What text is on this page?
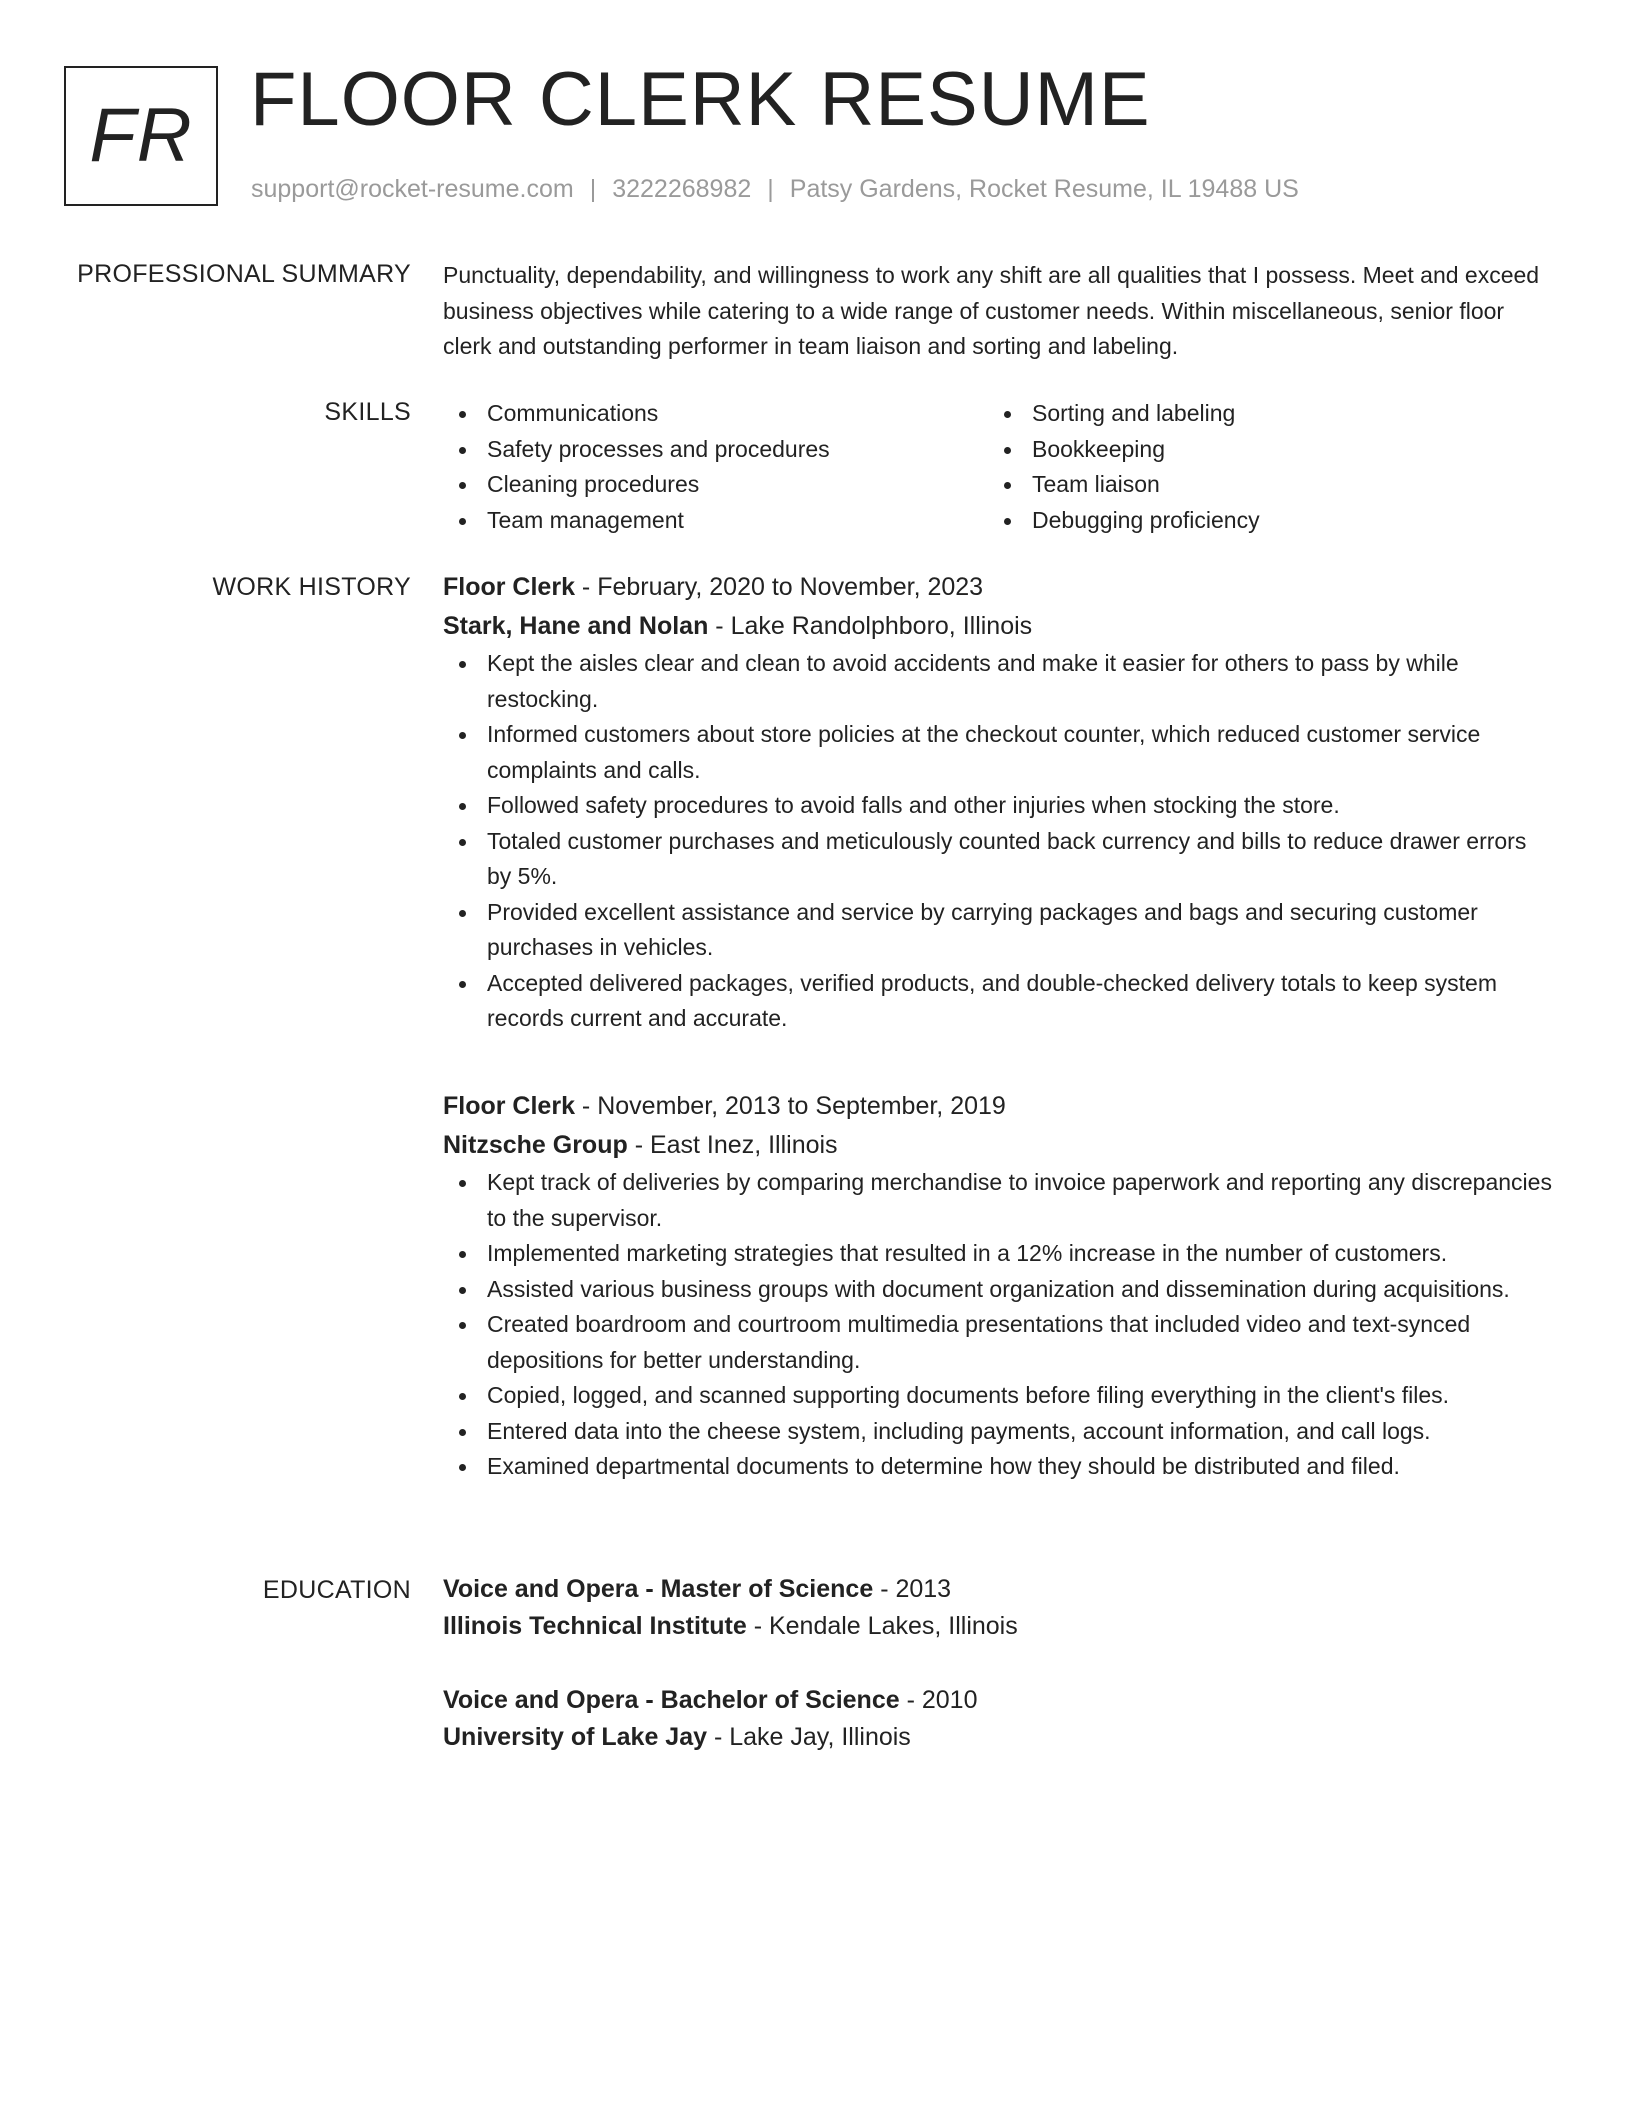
FR FLOOR CLERK RESUME
support@rocket-resume.com | 3222268982 | Patsy Gardens, Rocket Resume, IL 19488 US
PROFESSIONAL SUMMARY Punctuality, dependability, and willingness to work any shift are all qualities that I possess. Meet and exceed business objectives while catering to a wide range of customer needs. Within miscellaneous, senior floor clerk and outstanding performer in team liaison and sorting and labeling.

SKILLS	Communications
Safety processes and procedures
Cleaning procedures
Team management
Sorting and labeling
Bookkeeping
Team liaison
Debugging proficiency
WORK HISTORY Floor Clerk - February, 2020 to November, 2023
Stark, Hane and Nolan - Lake Randolphboro, Illinois
Kept the aisles clear and clean to avoid accidents and make it easier for others to pass by while restocking.
Informed customers about store policies at the checkout counter, which reduced customer service complaints and calls.
Followed safety procedures to avoid falls and other injuries when stocking the store.
Totaled customer purchases and meticulously counted back currency and bills to reduce drawer errors by 5%.
Provided excellent assistance and service by carrying packages and bags and securing customer purchases in vehicles.
Accepted delivered packages, verified products, and double-checked delivery totals to keep system records current and accurate.
Floor Clerk - November, 2013 to September, 2019
Nitzsche Group - East Inez, Illinois
Kept track of deliveries by comparing merchandise to invoice paperwork and reporting any discrepancies to the supervisor.
Implemented marketing strategies that resulted in a 12% increase in the number of customers.
Assisted various business groups with document organization and dissemination during acquisitions.
Created boardroom and courtroom multimedia presentations that included video and text-synced depositions for better understanding.
Copied, logged, and scanned supporting documents before filing everything in the client's files.
Entered data into the cheese system, including payments, account information, and call logs.
Examined departmental documents to determine how they should be distributed and filed.
EDUCATION Voice and Opera - Master of Science - 2013
Illinois Technical Institute - Kendale Lakes, Illinois
Voice and Opera - Bachelor of Science - 2010
University of Lake Jay - Lake Jay, Illinois
